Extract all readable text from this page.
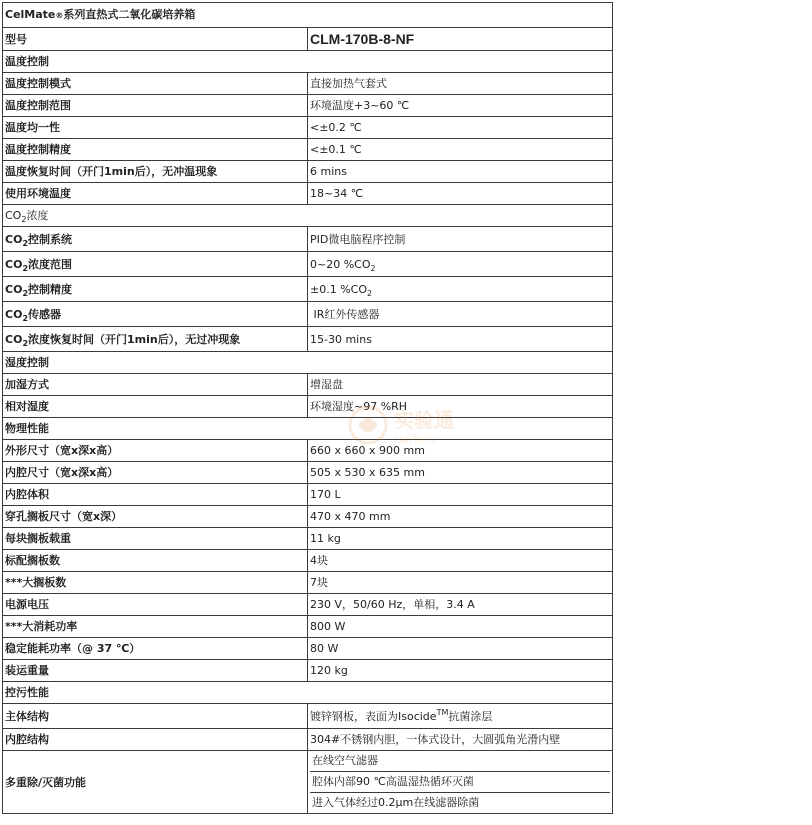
CelMate®系列直热式二氧化碳培养箱	
型号	CLM-170B-8-NF
温度控制	
温度控制模式	直接加热气套式
温度控制范围	环境温度+3~60 ℃
温度均一性	<±0.2 ℃
温度控制精度	<±0.1 ℃
温度恢复时间（开门1min后），无冲温现象	6 mins
使用环境温度	18~34 ℃
$CO_2$浓度	
$CO_2$控制系统	PID微电脑程序控制
$CO_2$浓度范围	0~20 $\%CO_2$
$CO_2$控制精度	±0.1 $\%CO_2$
$CO_2$传感器	IR红外传感器
$CO_2$浓度恢复时间（开门1min后），无过冲现象	15-30 mins
湿度控制	
加湿方式	增湿盘
相对湿度	环境湿度~97 %RH
物理性能	
外形尺寸（宽x深x高）	660 x 660 x 900 mm
内腔尺寸（宽x深x高）	505 x 530 x 635 mm
内腔体积	170 L
穿孔搁板尺寸（宽x深）	470 x 470 mm
每块搁板载重	11 kg
标配搁板数	4块
***大搁板数	7块
电源电压	230 V，50/60 Hz，单相，3.4 A
***大消耗功率	800 W
稳定能耗功率（@ 37 ℃）	80 W
装运重量	120 kg
控污性能	
主体结构	镀锌钢板，表面为Isocide™抗菌涂层
内腔结构	304#不锈钢内胆，一体式设计，大圆弧角光滑内壁
多重除/灭菌功能	在线空气滤器
腔体内部90 ℃高温湿热循环灭菌
进入气体经过0.2μm在线滤器除菌
实验通
LabTools
